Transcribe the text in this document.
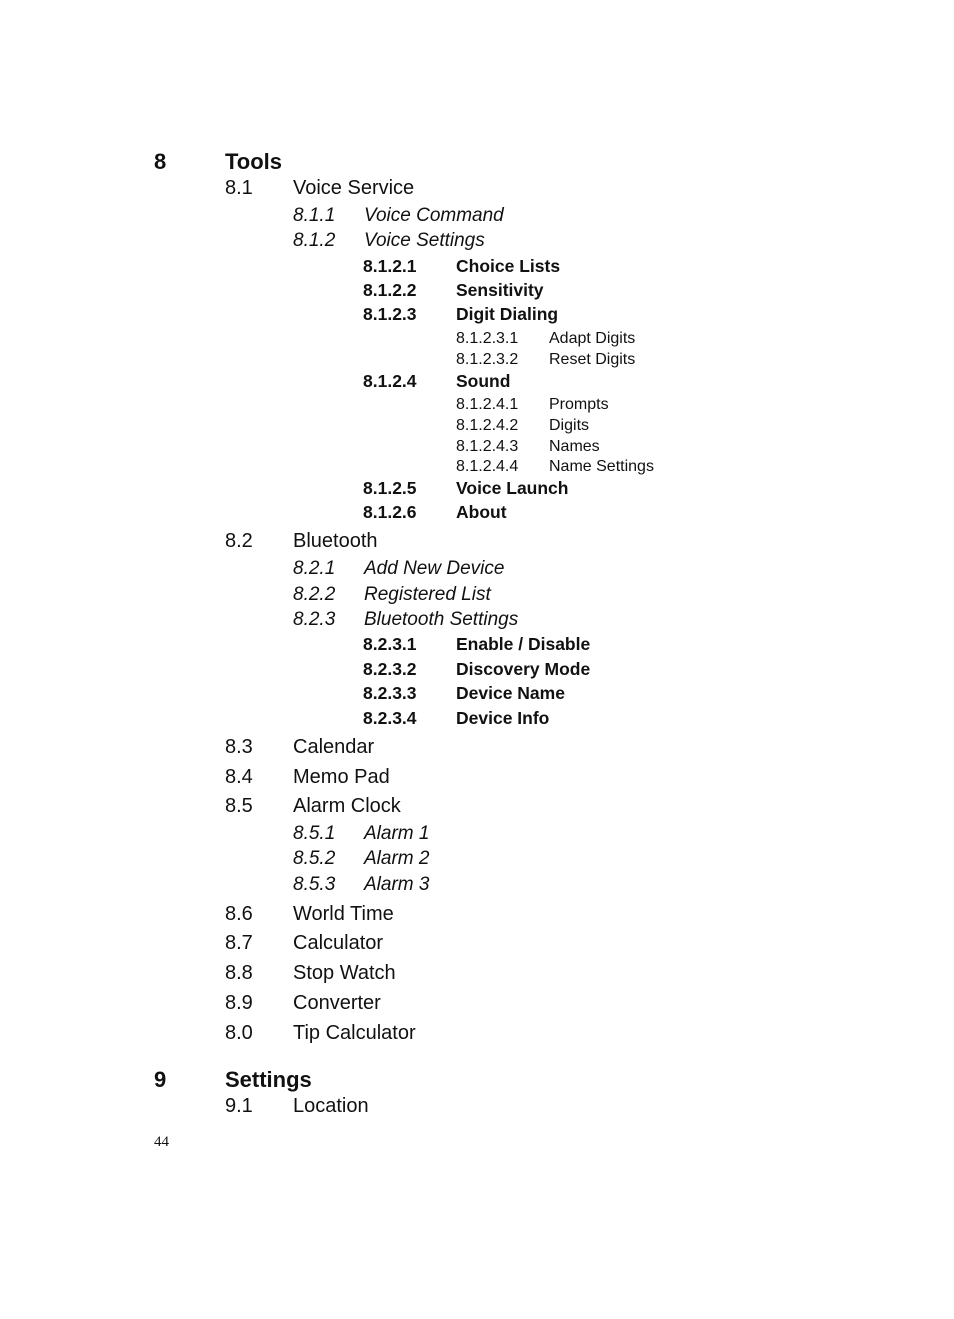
8	Tools
8.1 Voice Service
8.1.1 Voice Command
8.1.2 Voice Settings
8.1.2.1 Choice Lists
8.1.2.2 Sensitivity
8.1.2.3 Digit Dialing
8.1.2.3.1 Adapt Digits
8.1.2.3.2 Reset Digits
8.1.2.4 Sound
8.1.2.4.1 Prompts
8.1.2.4.2 Digits
8.1.2.4.3 Names
8.1.2.4.4 Name Settings
8.1.2.5 Voice Launch
8.1.2.6 About
8.2 Bluetooth
8.2.1 Add New Device
8.2.2 Registered List
8.2.3 Bluetooth Settings
8.2.3.1 Enable / Disable
8.2.3.2 Discovery Mode
8.2.3.3 Device Name
8.2.3.4 Device Info
8.3 Calendar
8.4 Memo Pad
8.5 Alarm Clock
8.5.1 Alarm 1
8.5.2 Alarm 2
8.5.3 Alarm 3
8.6 World Time
8.7 Calculator
8.8 Stop Watch
8.9 Converter
8.0 Tip Calculator
9	Settings
9.1 Location
44
